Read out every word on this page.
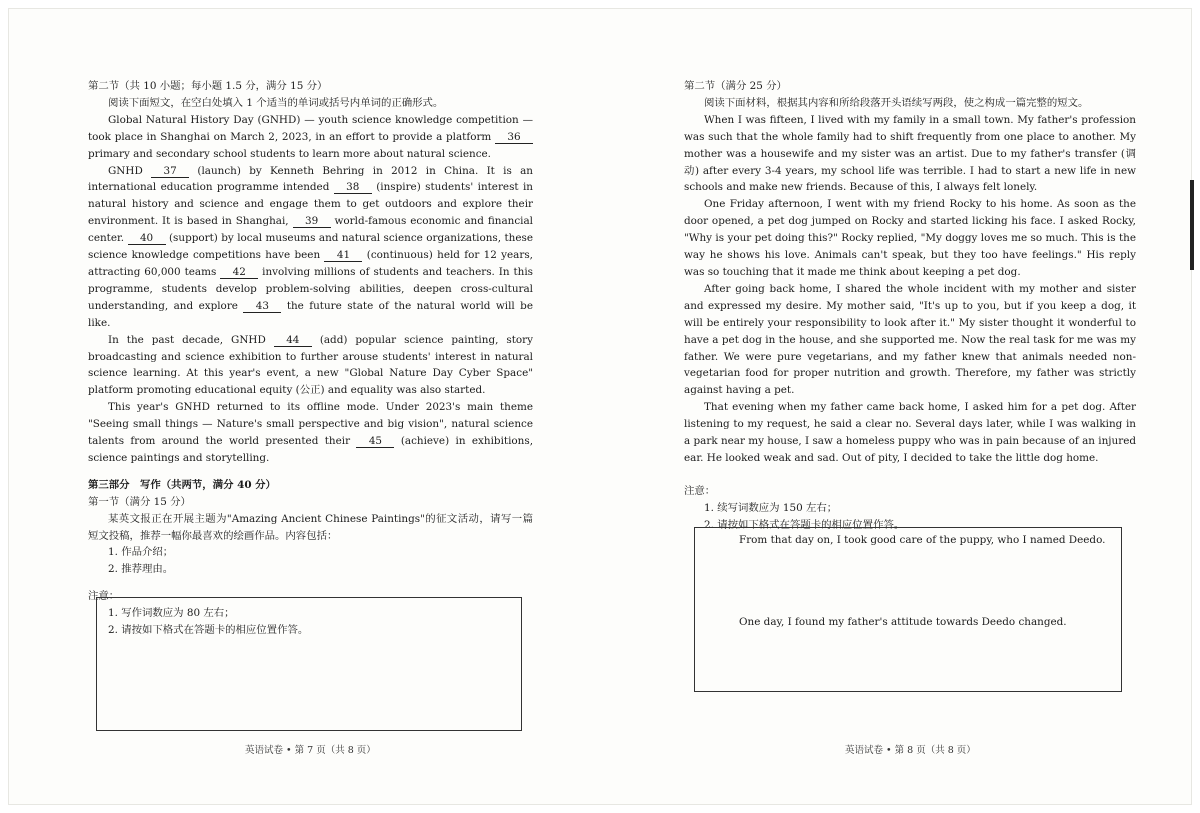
第二节（共 10 小题；每小题 1.5 分，满分 15 分）

阅读下面短文，在空白处填入 1 个适当的单词或括号内单词的正确形式。

Global Natural History Day (GNHD) — youth science knowledge competition — took place in Shanghai on March 2, 2023, in an effort to provide a platform 36 primary and secondary school students to learn more about natural science.

GNHD 37 (launch) by Kenneth Behring in 2012 in China. It is an international education programme intended 38 (inspire) students' interest in natural history and science and engage them to get outdoors and explore their environment. It is based in Shanghai, 39 world-famous economic and financial center. 40 (support) by local museums and natural science organizations, these science knowledge competitions have been 41 (continuous) held for 12 years, attracting 60,000 teams 42 involving millions of students and teachers. In this programme, students develop problem-solving abilities, deepen cross-cultural understanding, and explore 43 the future state of the natural world will be like.

In the past decade, GNHD 44 (add) popular science painting, story broadcasting and science exhibition to further arouse students' interest in natural science learning. At this year's event, a new "Global Nature Day Cyber Space" platform promoting educational equity (公正) and equality was also started.

This year's GNHD returned to its offline mode. Under 2023's main theme "Seeing small things — Nature's small perspective and big vision", natural science talents from around the world presented their 45 (achieve) in exhibitions, science paintings and storytelling.

第三部分　写作（共两节，满分 40 分）

第一节（满分 15 分）

某英文报正在开展主题为"Amazing Ancient Chinese Paintings"的征文活动，请写一篇短文投稿，推荐一幅你最喜欢的绘画作品。内容包括：

1. 作品介绍；

2. 推荐理由。

注意：

1. 写作词数应为 80 左右；

2. 请按如下格式在答题卡的相应位置作答。

英语试卷 • 第 7 页（共 8 页）

第二节（满分 25 分）

阅读下面材料，根据其内容和所给段落开头语续写两段，使之构成一篇完整的短文。

When I was fifteen, I lived with my family in a small town. My father's profession was such that the whole family had to shift frequently from one place to another. My mother was a housewife and my sister was an artist. Due to my father's transfer (调动) after every 3-4 years, my school life was terrible. I had to start a new life in new schools and make new friends. Because of this, I always felt lonely.

One Friday afternoon, I went with my friend Rocky to his home. As soon as the door opened, a pet dog jumped on Rocky and started licking his face. I asked Rocky, "Why is your pet doing this?" Rocky replied, "My doggy loves me so much. This is the way he shows his love. Animals can't speak, but they too have feelings." His reply was so touching that it made me think about keeping a pet dog.

After going back home, I shared the whole incident with my mother and sister and expressed my desire. My mother said, "It's up to you, but if you keep a dog, it will be entirely your responsibility to look after it." My sister thought it wonderful to have a pet dog in the house, and she supported me. Now the real task for me was my father. We were pure vegetarians, and my father knew that animals needed non-vegetarian food for proper nutrition and growth. Therefore, my father was strictly against having a pet.

That evening when my father came back home, I asked him for a pet dog. After listening to my request, he said a clear no. Several days later, while I was walking in a park near my house, I saw a homeless puppy who was in pain because of an injured ear. He looked weak and sad. Out of pity, I decided to take the little dog home.

注意：

1. 续写词数应为 150 左右；

2. 请按如下格式在答题卡的相应位置作答。

From that day on, I took good care of the puppy, who I named Deedo.
One day, I found my father's attitude towards Deedo changed.
英语试卷 • 第 8 页（共 8 页）
